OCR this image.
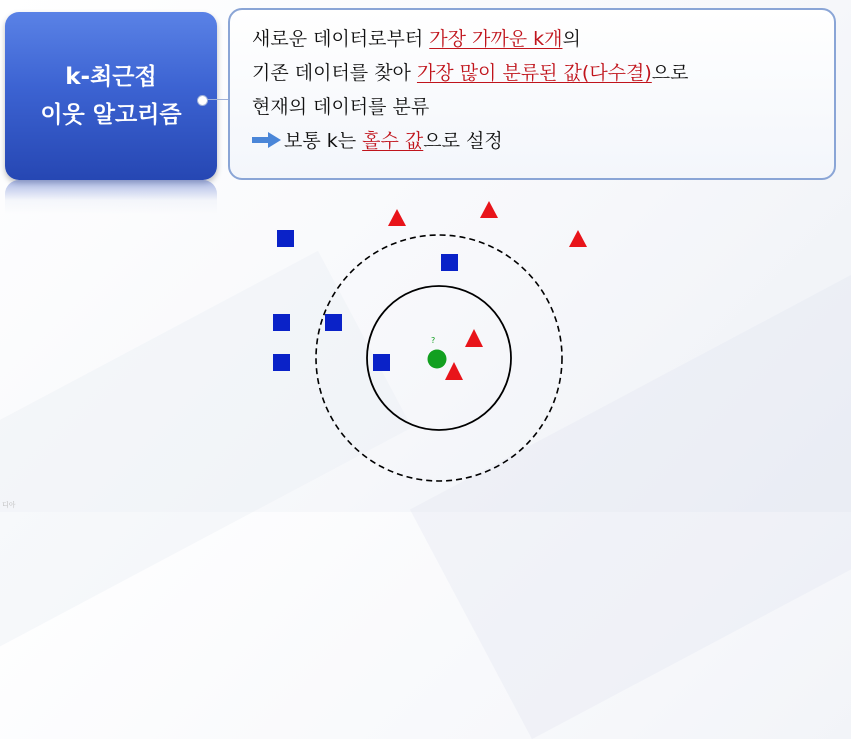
k-최근접
이웃 알고리즘
새로운 데이터로부터 가장 가까운 k개의
기존 데이터를 찾아 가장 많이 분류된 값(다수결)으로
현재의 데이터를 분류
보통 k는 홀수 값으로 설정
?
디아
